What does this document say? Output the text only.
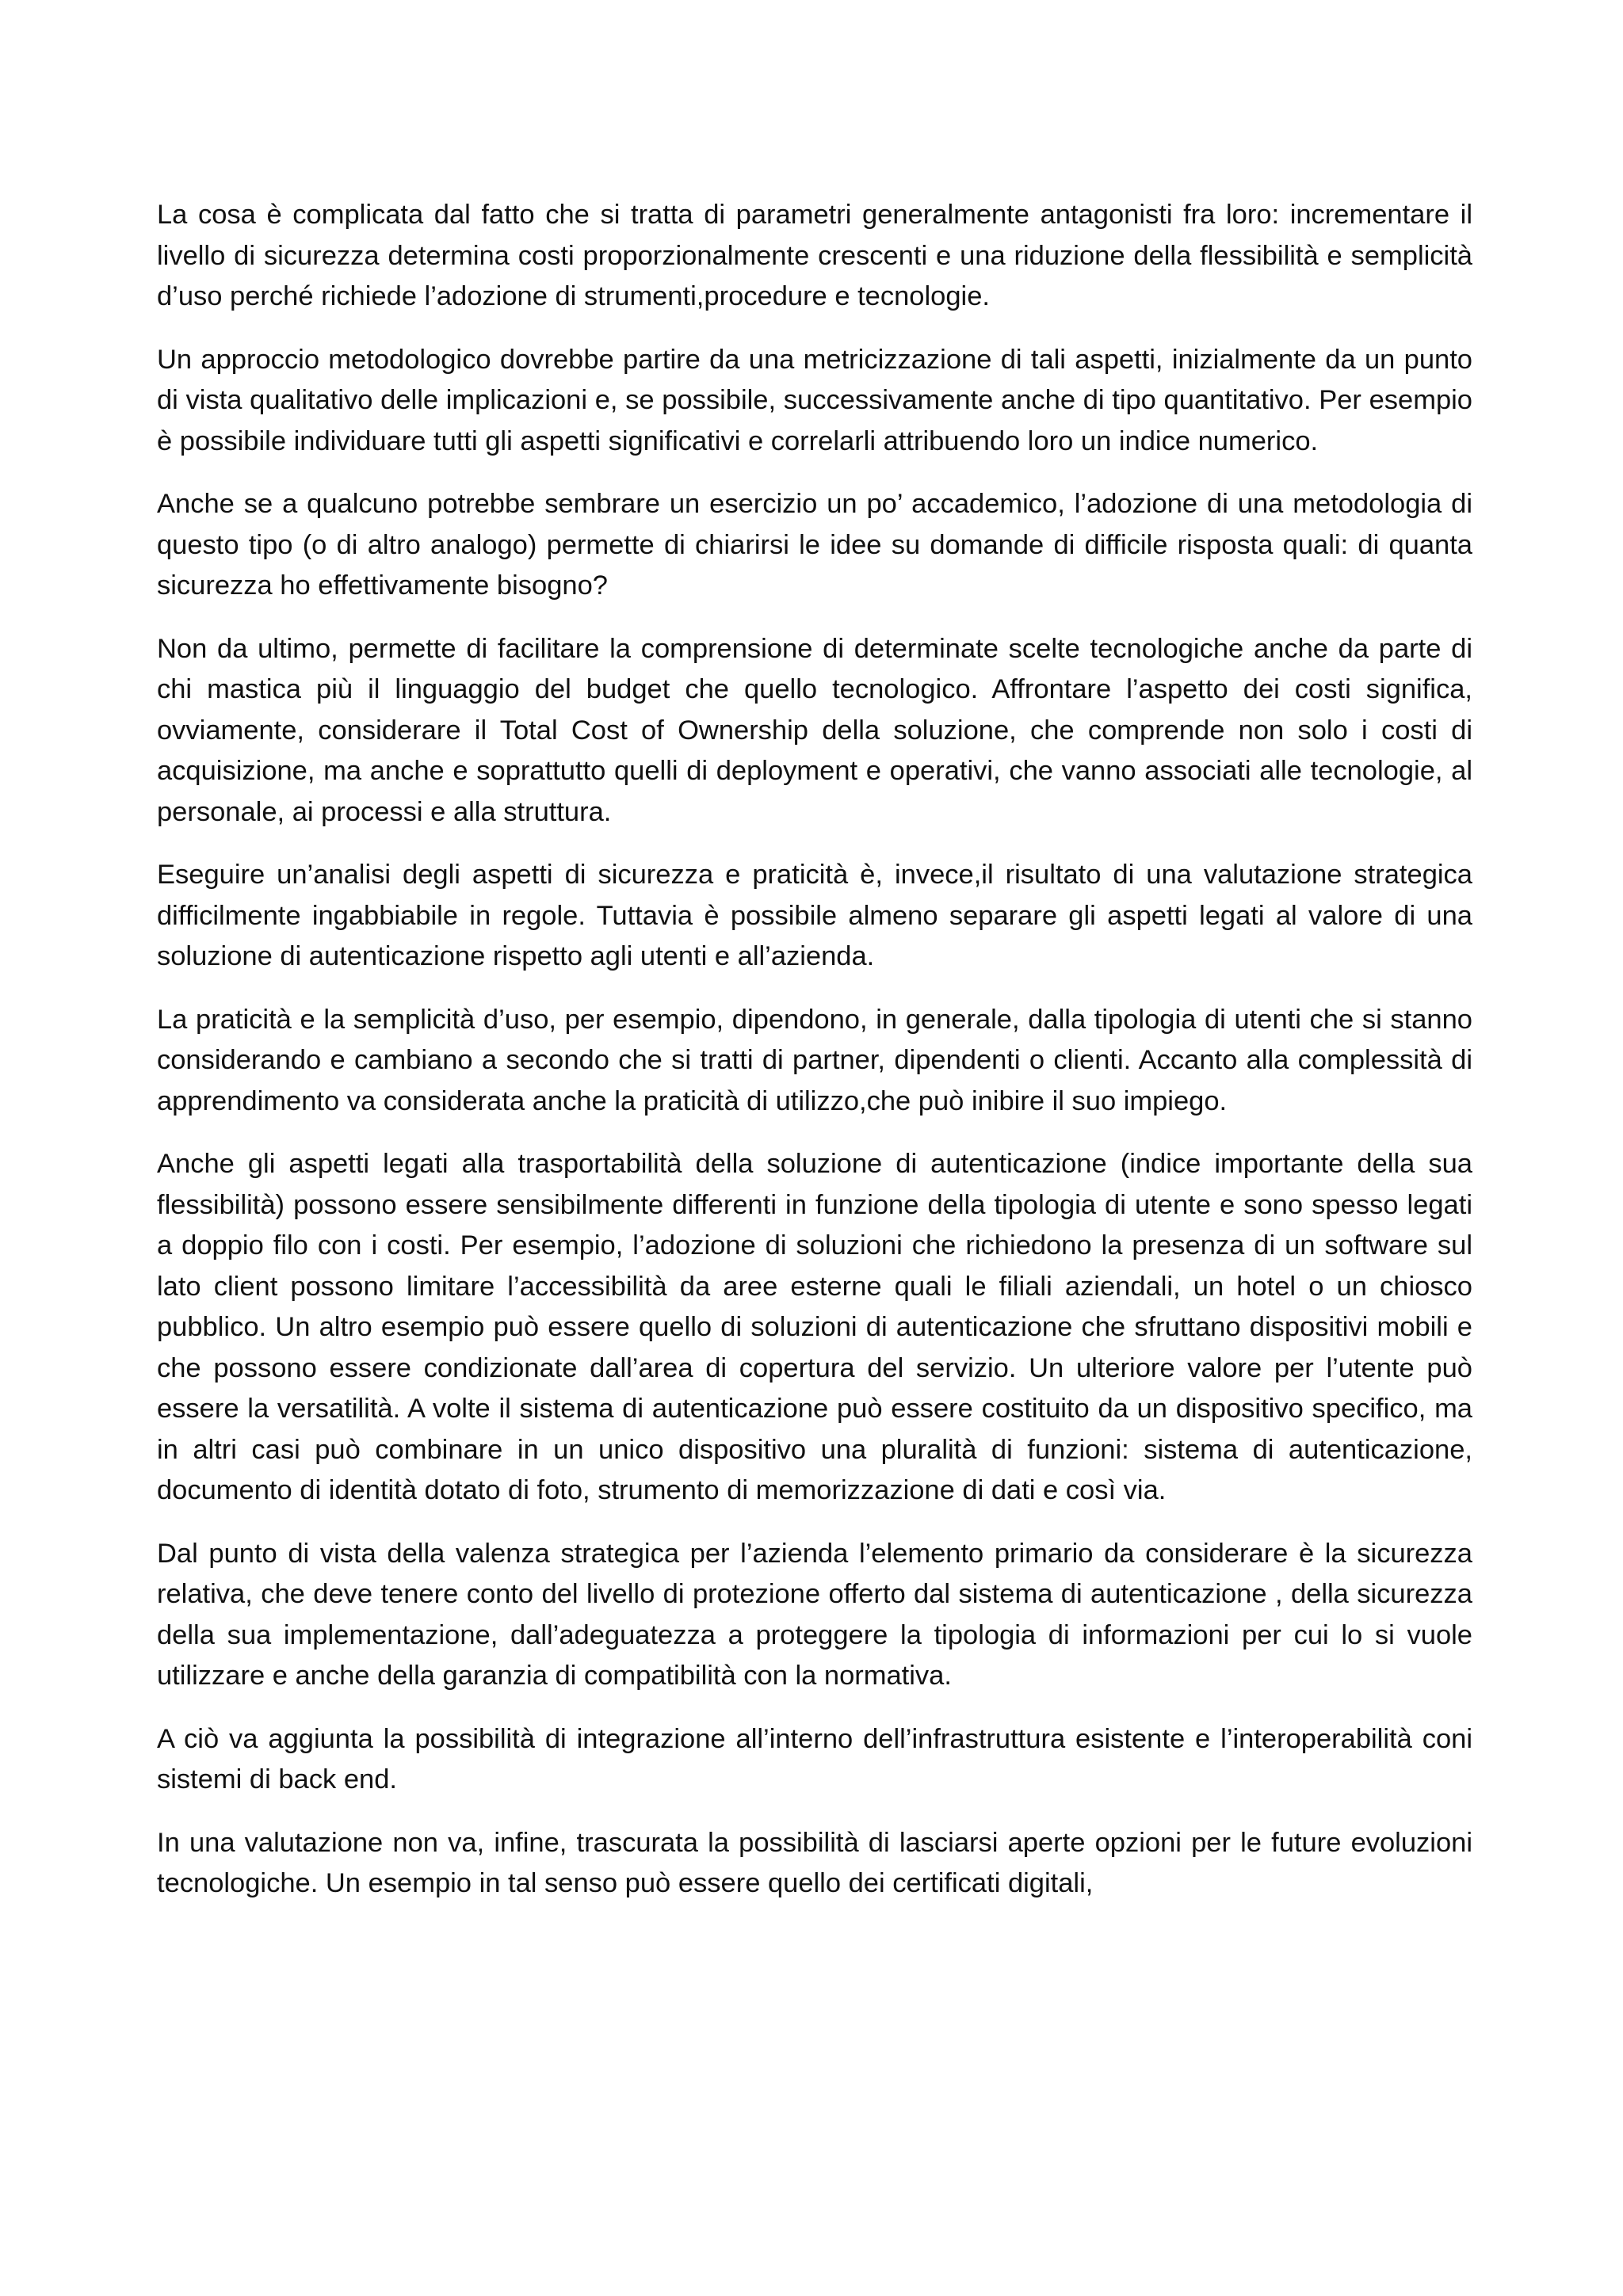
La cosa è complicata dal fatto che si tratta di parametri generalmente antagonisti fra loro: incrementare il livello di sicurezza determina costi proporzionalmente crescenti e una riduzione della flessibilità e semplicità d’uso perché richiede l’adozione di strumenti,procedure e tecnologie.

Un approccio metodologico dovrebbe partire da una metricizzazione di tali aspetti, inizialmente da un punto di vista qualitativo delle implicazioni e, se possibile, successivamente anche di tipo quantitativo. Per esempio è possibile individuare tutti gli aspetti significativi e correlarli attribuendo loro un indice numerico.

Anche se a qualcuno potrebbe sembrare un esercizio un po’ accademico, l’adozione di una metodologia di questo tipo (o di altro analogo) permette di chiarirsi le idee su domande di difficile risposta quali: di quanta sicurezza ho effettivamente bisogno?

Non da ultimo, permette di facilitare la comprensione di determinate scelte tecnologiche anche da parte di chi mastica più il linguaggio del budget che quello tecnologico. Affrontare l’aspetto dei costi significa, ovviamente, considerare il Total Cost of Ownership della soluzione, che comprende non solo i costi di acquisizione, ma anche e soprattutto quelli di deployment e operativi, che vanno associati alle tecnologie, al personale, ai processi e alla struttura.

Eseguire un’analisi degli aspetti di sicurezza e praticità è, invece,il risultato di una valutazione strategica difficilmente ingabbiabile in regole. Tuttavia è possibile almeno separare gli aspetti legati al valore di una soluzione di autenticazione rispetto agli utenti e all’azienda.

La praticità e la semplicità d’uso, per esempio, dipendono, in generale, dalla tipologia di utenti che si stanno considerando e cambiano a secondo che si tratti di partner, dipendenti o clienti. Accanto alla complessità di apprendimento va considerata anche la praticità di utilizzo,che può inibire il suo impiego.

Anche gli aspetti legati alla trasportabilità della soluzione di autenticazione (indice importante della sua flessibilità) possono essere sensibilmente differenti in funzione della tipologia di utente e sono spesso legati a doppio filo con i costi. Per esempio, l’adozione di soluzioni che richiedono la presenza di un software sul lato client possono limitare l’accessibilità da aree esterne quali le filiali aziendali, un hotel o un chiosco pubblico. Un altro esempio può essere quello di soluzioni di autenticazione che sfruttano dispositivi mobili e che possono essere condizionate dall’area di copertura del servizio. Un ulteriore valore per l’utente può essere la versatilità. A volte il sistema di autenticazione può essere costituito da un dispositivo specifico, ma in altri casi può combinare in un unico dispositivo una pluralità di funzioni: sistema di autenticazione, documento di identità dotato di foto, strumento di memorizzazione di dati e così via.

Dal punto di vista della valenza strategica per l’azienda l’elemento primario da considerare è la sicurezza relativa, che deve tenere conto del livello di protezione offerto dal sistema di autenticazione , della sicurezza della sua implementazione, dall’adeguatezza a proteggere la tipologia di informazioni per cui lo si vuole utilizzare e anche della garanzia di compatibilità con la normativa.

A ciò va aggiunta la possibilità di integrazione all’interno dell’infrastruttura esistente e l’interoperabilità coni sistemi di back end.

In una valutazione non va, infine, trascurata la possibilità di lasciarsi aperte opzioni per le future evoluzioni tecnologiche. Un esempio in tal senso può essere quello dei certificati digitali,
